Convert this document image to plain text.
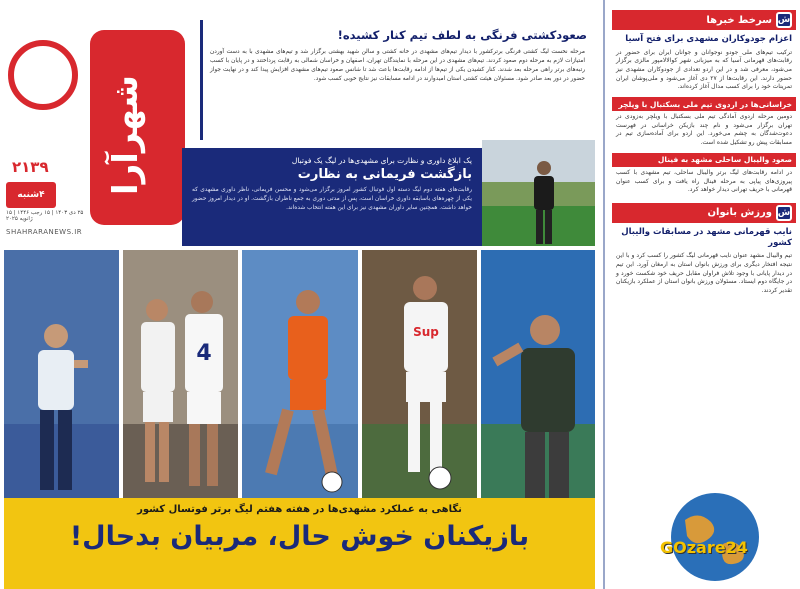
شهرآرا
۲۱۳۹
۴شنبه
۲۵ دی ۱۴۰۳ | ۱۵ رجب ۱۴۴۶ | ۱۵ ژانویه ۲۰۲۵
SHAHRARANEWS.IR
صعودکشتی فرنگی به لطف تیم کنار کشیده!
مرحله نخست لیگ کشتی فرنگی برترکشور با دیدار تیم‌های مشهدی در خانه کشتی و سالن شهید بهشتی برگزار شد و تیم‌های مشهدی با به دست آوردن امتیازات لازم به مرحله دوم صعود کردند. تیم‌های مشهدی در این مرحله با نمایندگان تهران، اصفهان و خراسان شمالی به رقابت پرداختند و در پایان با کسب رتبه‌های برتر راهی مرحله بعد شدند. کنار کشیدن یکی از تیم‌ها از ادامه رقابت‌ها باعث شد تا شانس صعود تیم‌های مشهدی افزایش پیدا کند و در نهایت جواز حضور در دور بعد صادر شود. مسئولان هیئت کشتی استان امیدوارند در ادامه مسابقات نیز نتایج خوبی کسب شود.
یک ابلاغ داوری و نظارت برای مشهدی‌ها در لیگ یک فوتبال
بازگشت فریمانی به نظارت
رقابت‌های هفته دوم لیگ دسته اول فوتبال کشور امروز برگزار می‌شود و محسن فریمانی، ناظر داوری مشهدی که یکی از چهره‌های باسابقه داوری خراسان است، پس از مدتی دوری به جمع ناظران بازگشت. او در دیدار امروز حضور خواهد داشت. همچنین سایر داوران مشهدی نیز برای این هفته انتخاب شده‌اند.
4
Sup
نگاهی به عملکرد مشهدی‌ها در هفته هفتم لیگ برتر فوتسال کشور
بازیکنان خوش حال، مربیان بدحال!
ش
سرخط خبرها
اعزام جودوکاران مشهدی برای فتح آسیا
ترکیب تیم‌های ملی جودو نوجوانان و جوانان ایران برای حضور در رقابت‌های قهرمانی آسیا که به میزبانی شهر کوالالامپور مالزی برگزار می‌شود، معرفی شد و در این اردو تعدادی از جودوکاران مشهدی نیز حضور دارند. این رقابت‌ها از ۲۷ دی آغاز می‌شود و ملی‌پوشان ایران تمرینات خود را برای کسب مدال آغاز کرده‌اند.
خراسانی‌ها در اردوی تیم ملی بسکتبال با ویلچر
دومین مرحله اردوی آمادگی تیم ملی بسکتبال با ویلچر به‌زودی در تهران برگزار می‌شود و نام چند بازیکن خراسانی در فهرست دعوت‌شدگان به چشم می‌خورد. این اردو برای آماده‌سازی تیم در مسابقات پیش رو تشکیل شده است.
صعود والیبال ساحلی مشهد به فینال
در ادامه رقابت‌های لیگ برتر والیبال ساحلی، تیم مشهدی با کسب پیروزی‌های پیاپی به مرحله فینال راه یافت و برای کسب عنوان قهرمانی با حریف تهرانی دیدار خواهد کرد.
ش
ورزش بانوان
نایب قهرمانی مشهد در مسابقات والیبال کشور
تیم والیبال مشهد عنوان نایب قهرمانی لیگ کشور را کسب کرد و با این نتیجه افتخار دیگری برای ورزش بانوان استان به ارمغان آورد. این تیم در دیدار پایانی با وجود تلاش فراوان مقابل حریف خود شکست خورد و در جایگاه دوم ایستاد. مسئولان ورزش بانوان استان از عملکرد بازیکنان تقدیر کردند.
GOzare24
